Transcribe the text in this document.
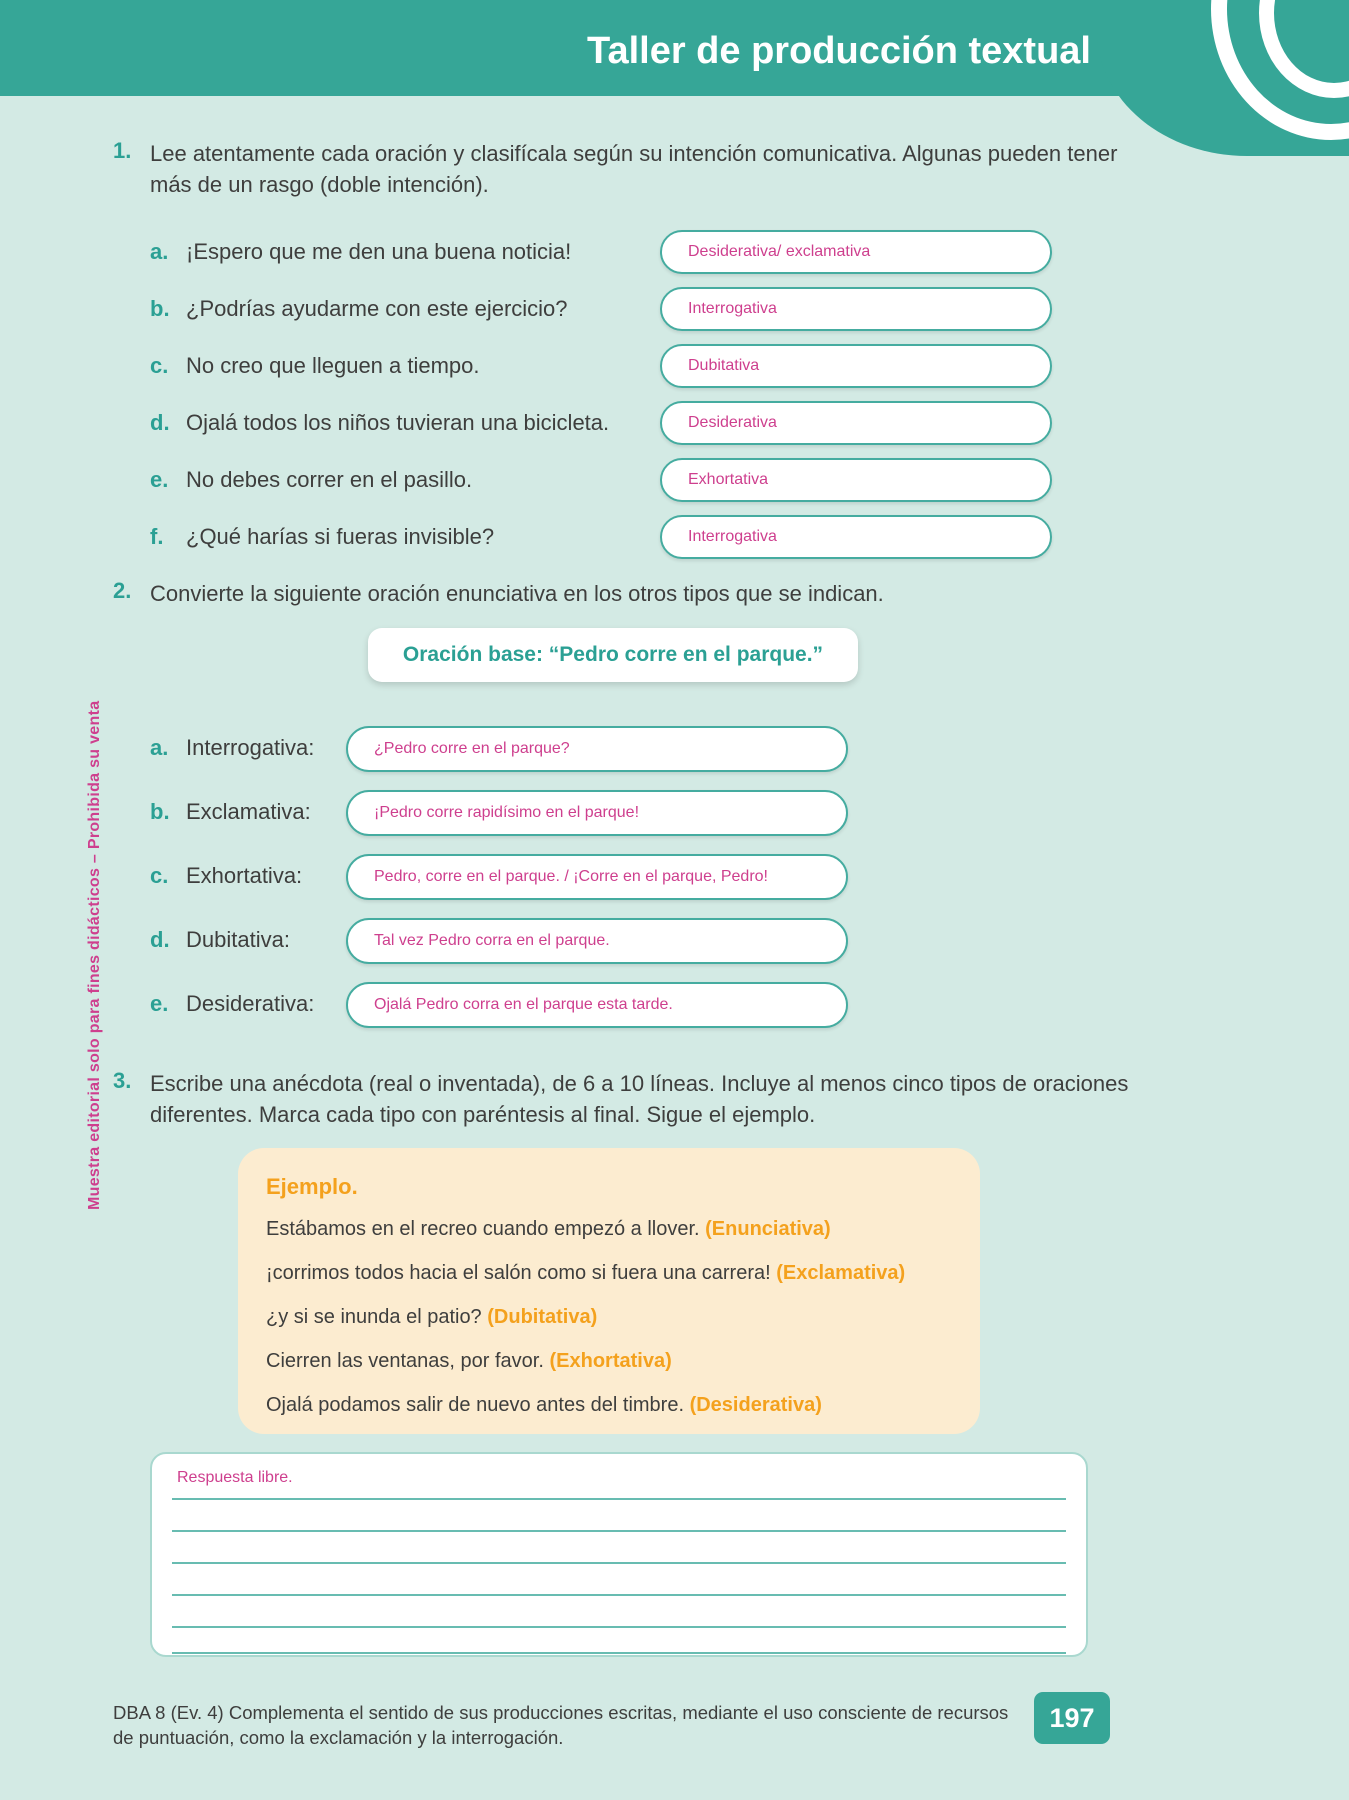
Taller de producción textual
Muestra editorial solo para fines didácticos – Prohibida su venta
1. Lee atentamente cada oración y clasifícala según su intención comunicativa. Algunas pueden tener más de un rasgo (doble intención).

a. ¡Espero que me den una buena noticia!	Desiderativa/ exclamativa
b. ¿Podrías ayudarme con este ejercicio?	Interrogativa
c. No creo que lleguen a tiempo.	Dubitativa
d. Ojalá todos los niños tuvieran una bicicleta.	Desiderativa
e. No debes correr en el pasillo.	Exhortativa
f.	¿Qué harías si fueras invisible?	Interrogativa
2. Convierte la siguiente oración enunciativa en los otros tipos que se indican.

Oración base: “Pedro corre en el parque.”
a. Interrogativa:	¿Pedro corre en el parque?
b. Exclamativa:	¡Pedro corre rapidísimo en el parque!
c. Exhortativa:	Pedro, corre en el parque. / ¡Corre en el parque, Pedro!
d. Dubitativa:	Tal vez Pedro corra en el parque.
e. Desiderativa:	Ojalá Pedro corra en el parque esta tarde.
3. Escribe una anécdota (real o inventada), de 6 a 10 líneas. Incluye al menos cinco tipos de oraciones diferentes. Marca cada tipo con paréntesis al final. Sigue el ejemplo.

Ejemplo.

Estábamos en el recreo cuando empezó a llover. (Enunciativa)

¡corrimos todos hacia el salón como si fuera una carrera! (Exclamativa)

¿y si se inunda el patio? (Dubitativa)

Cierren las ventanas, por favor. (Exhortativa)

Ojalá podamos salir de nuevo antes del timbre. (Desiderativa)

Respuesta libre.

DBA 8 (Ev. 4) Complementa el sentido de sus producciones escritas, mediante el uso consciente de recursos de puntuación, como la exclamación y la interrogación.

197
